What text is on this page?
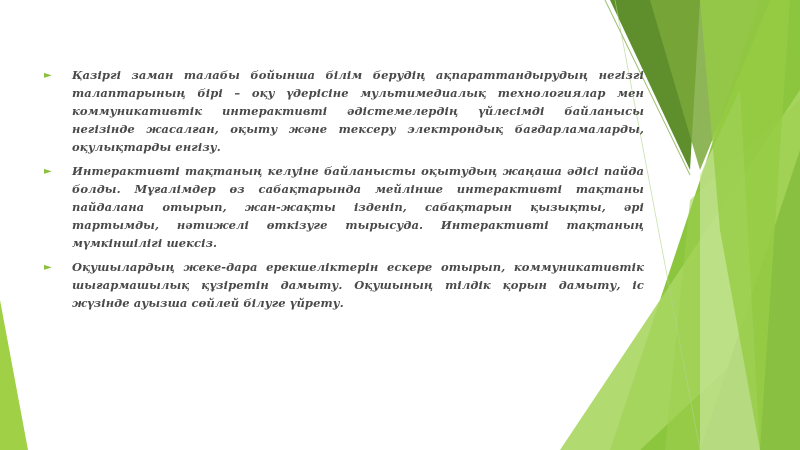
► Қазіргі заман талабы бойынша білім берудің ақпараттандырудың негізгі талаптарының бірі – оқу үдерісіне мультимедиалық технологиялар мен коммуникативтік интерактивті әдістемелердің үйлесімді байланысы негізінде жасалған, оқыту және тексеру электрондық бағдарламаларды, оқулықтарды енгізу.
► Интерактивті тақтаның келуіне байланысты оқытудың жаңаша әдісі пайда болды. Мұғалімдер өз сабақтарында мейлінше интерактивті тақтаны пайдалана отырып, жан-жақты ізденіп, сабақтарын қызықты, әрі тартымды, нәтижелі өткізуге тырысуда. Интерактивті тақтаның мүмкіншілігі шексіз.
► Оқушылардың жеке-дара ерекшеліктерін ескере отырып, коммуникативтік шығармашылық құзіретін дамыту. Оқушының тілдік қорын дамыту, іс жүзінде ауызша сөйлей білуге үйрету.
